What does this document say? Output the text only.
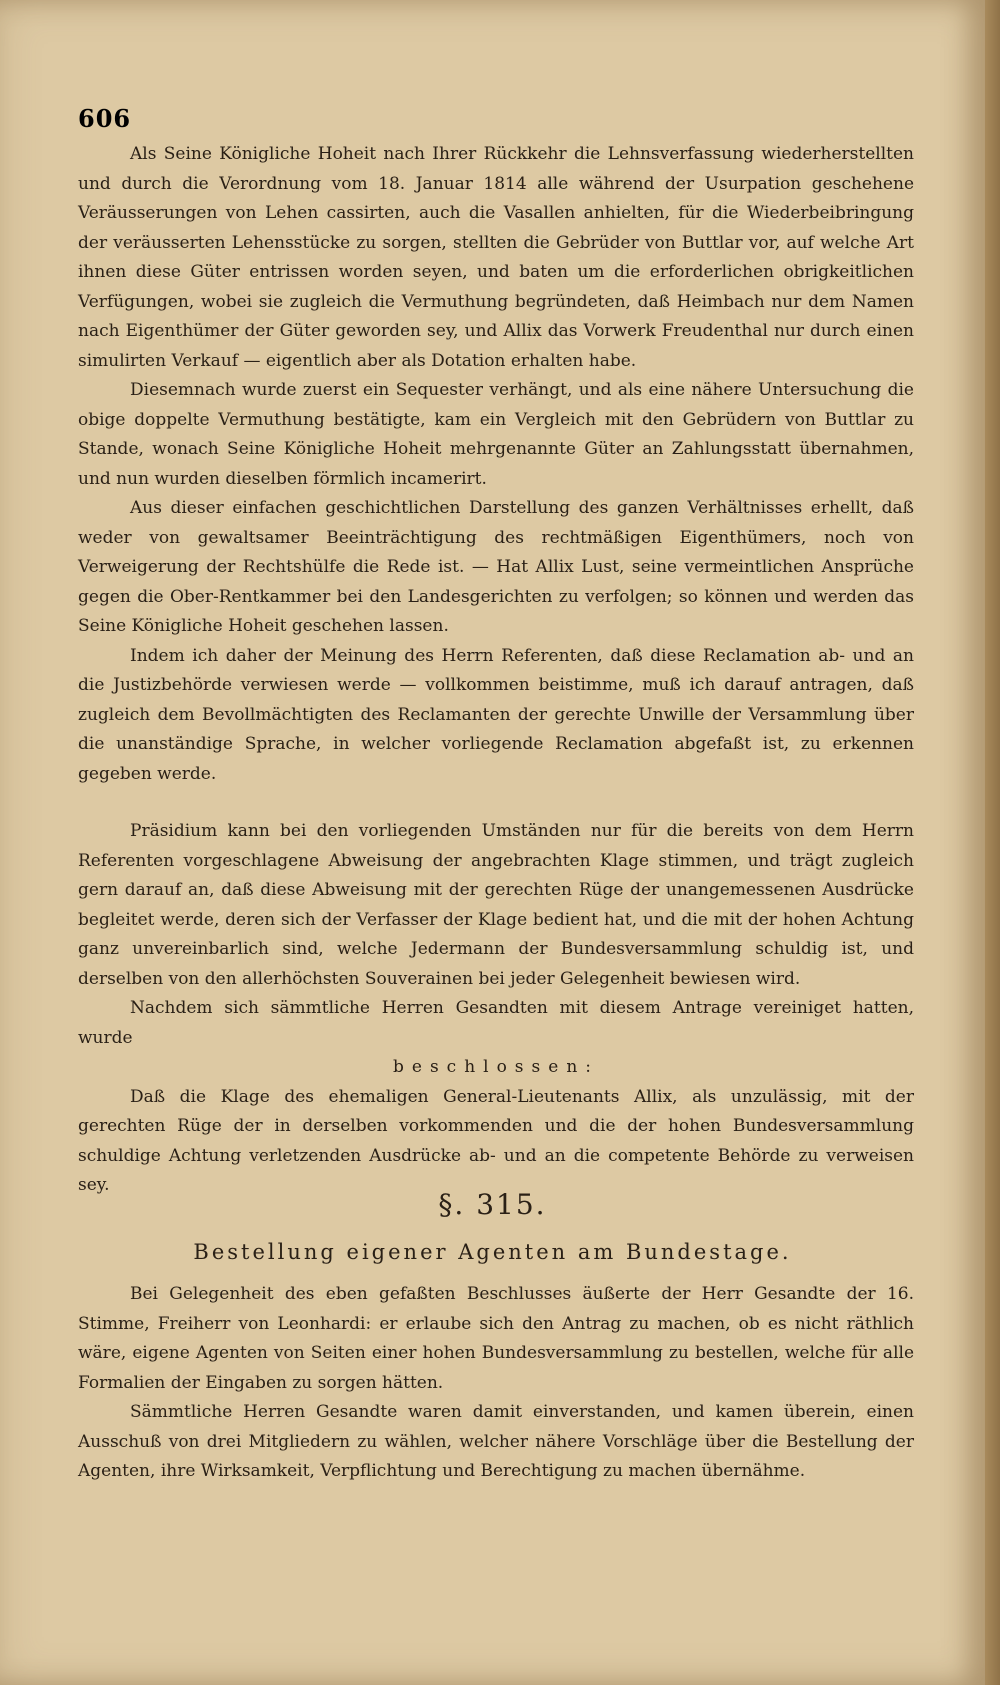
606

Als Seine Königliche Hoheit nach Ihrer Rückkehr die Lehnsverfassung wiederherstellten und durch die Verordnung vom 18. Januar 1814 alle während der Usurpation geschehene Veräusserungen von Lehen cassirten, auch die Vasallen anhielten, für die Wiederbeibringung der veräusserten Lehensstücke zu sorgen, stellten die Gebrüder von Buttlar vor, auf welche Art ihnen diese Güter entrissen worden seyen, und baten um die erforderlichen obrigkeitlichen Verfügungen, wobei sie zugleich die Vermuthung begründeten, daß Heimbach nur dem Namen nach Eigenthümer der Güter geworden sey, und Allix das Vorwerk Freudenthal nur durch einen simulirten Verkauf — eigentlich aber als Dotation erhalten habe.

Diesemnach wurde zuerst ein Sequester verhängt, und als eine nähere Untersuchung die obige doppelte Vermuthung bestätigte, kam ein Vergleich mit den Gebrüdern von Buttlar zu Stande, wonach Seine Königliche Hoheit mehrgenannte Güter an Zahlungsstatt übernahmen, und nun wurden dieselben förmlich incamerirt.

Aus dieser einfachen geschichtlichen Darstellung des ganzen Verhältnisses erhellt, daß weder von gewaltsamer Beeinträchtigung des rechtmäßigen Eigenthümers, noch von Verweigerung der Rechtshülfe die Rede ist. — Hat Allix Lust, seine vermeintlichen Ansprüche gegen die Ober-Rentkammer bei den Landesgerichten zu verfolgen; so können und werden das Seine Königliche Hoheit geschehen lassen.

Indem ich daher der Meinung des Herrn Referenten, daß diese Reclamation ab- und an die Justizbehörde verwiesen werde — vollkommen beistimme, muß ich darauf antragen, daß zugleich dem Bevollmächtigten des Reclamanten der gerechte Unwille der Versammlung über die unanständige Sprache, in welcher vorliegende Reclamation abgefaßt ist, zu erkennen gegeben werde.

Präsidium kann bei den vorliegenden Umständen nur für die bereits von dem Herrn Referenten vorgeschlagene Abweisung der angebrachten Klage stimmen, und trägt zugleich gern darauf an, daß diese Abweisung mit der gerechten Rüge der unangemessenen Ausdrücke begleitet werde, deren sich der Verfasser der Klage bedient hat, und die mit der hohen Achtung ganz unvereinbarlich sind, welche Jedermann der Bundesversammlung schuldig ist, und derselben von den allerhöchsten Souverainen bei jeder Gelegenheit bewiesen wird.

Nachdem sich sämmtliche Herren Gesandten mit diesem Antrage vereiniget hatten, wurde

beschlossen:

Daß die Klage des ehemaligen General-Lieutenants Allix, als unzulässig, mit der gerechten Rüge der in derselben vorkommenden und die der hohen Bundesversammlung schuldige Achtung verletzenden Ausdrücke ab- und an die competente Behörde zu verweisen sey.

§. 315.
Bestellung eigener Agenten am Bundestage.

Bei Gelegenheit des eben gefaßten Beschlusses äußerte der Herr Gesandte der 16. Stimme, Freiherr von Leonhardi: er erlaube sich den Antrag zu machen, ob es nicht räthlich wäre, eigene Agenten von Seiten einer hohen Bundesversammlung zu bestellen, welche für alle Formalien der Eingaben zu sorgen hätten.

Sämmtliche Herren Gesandte waren damit einverstanden, und kamen überein, einen Ausschuß von drei Mitgliedern zu wählen, welcher nähere Vorschläge über die Bestellung der Agenten, ihre Wirksamkeit, Verpflichtung und Berechtigung zu machen übernähme.
